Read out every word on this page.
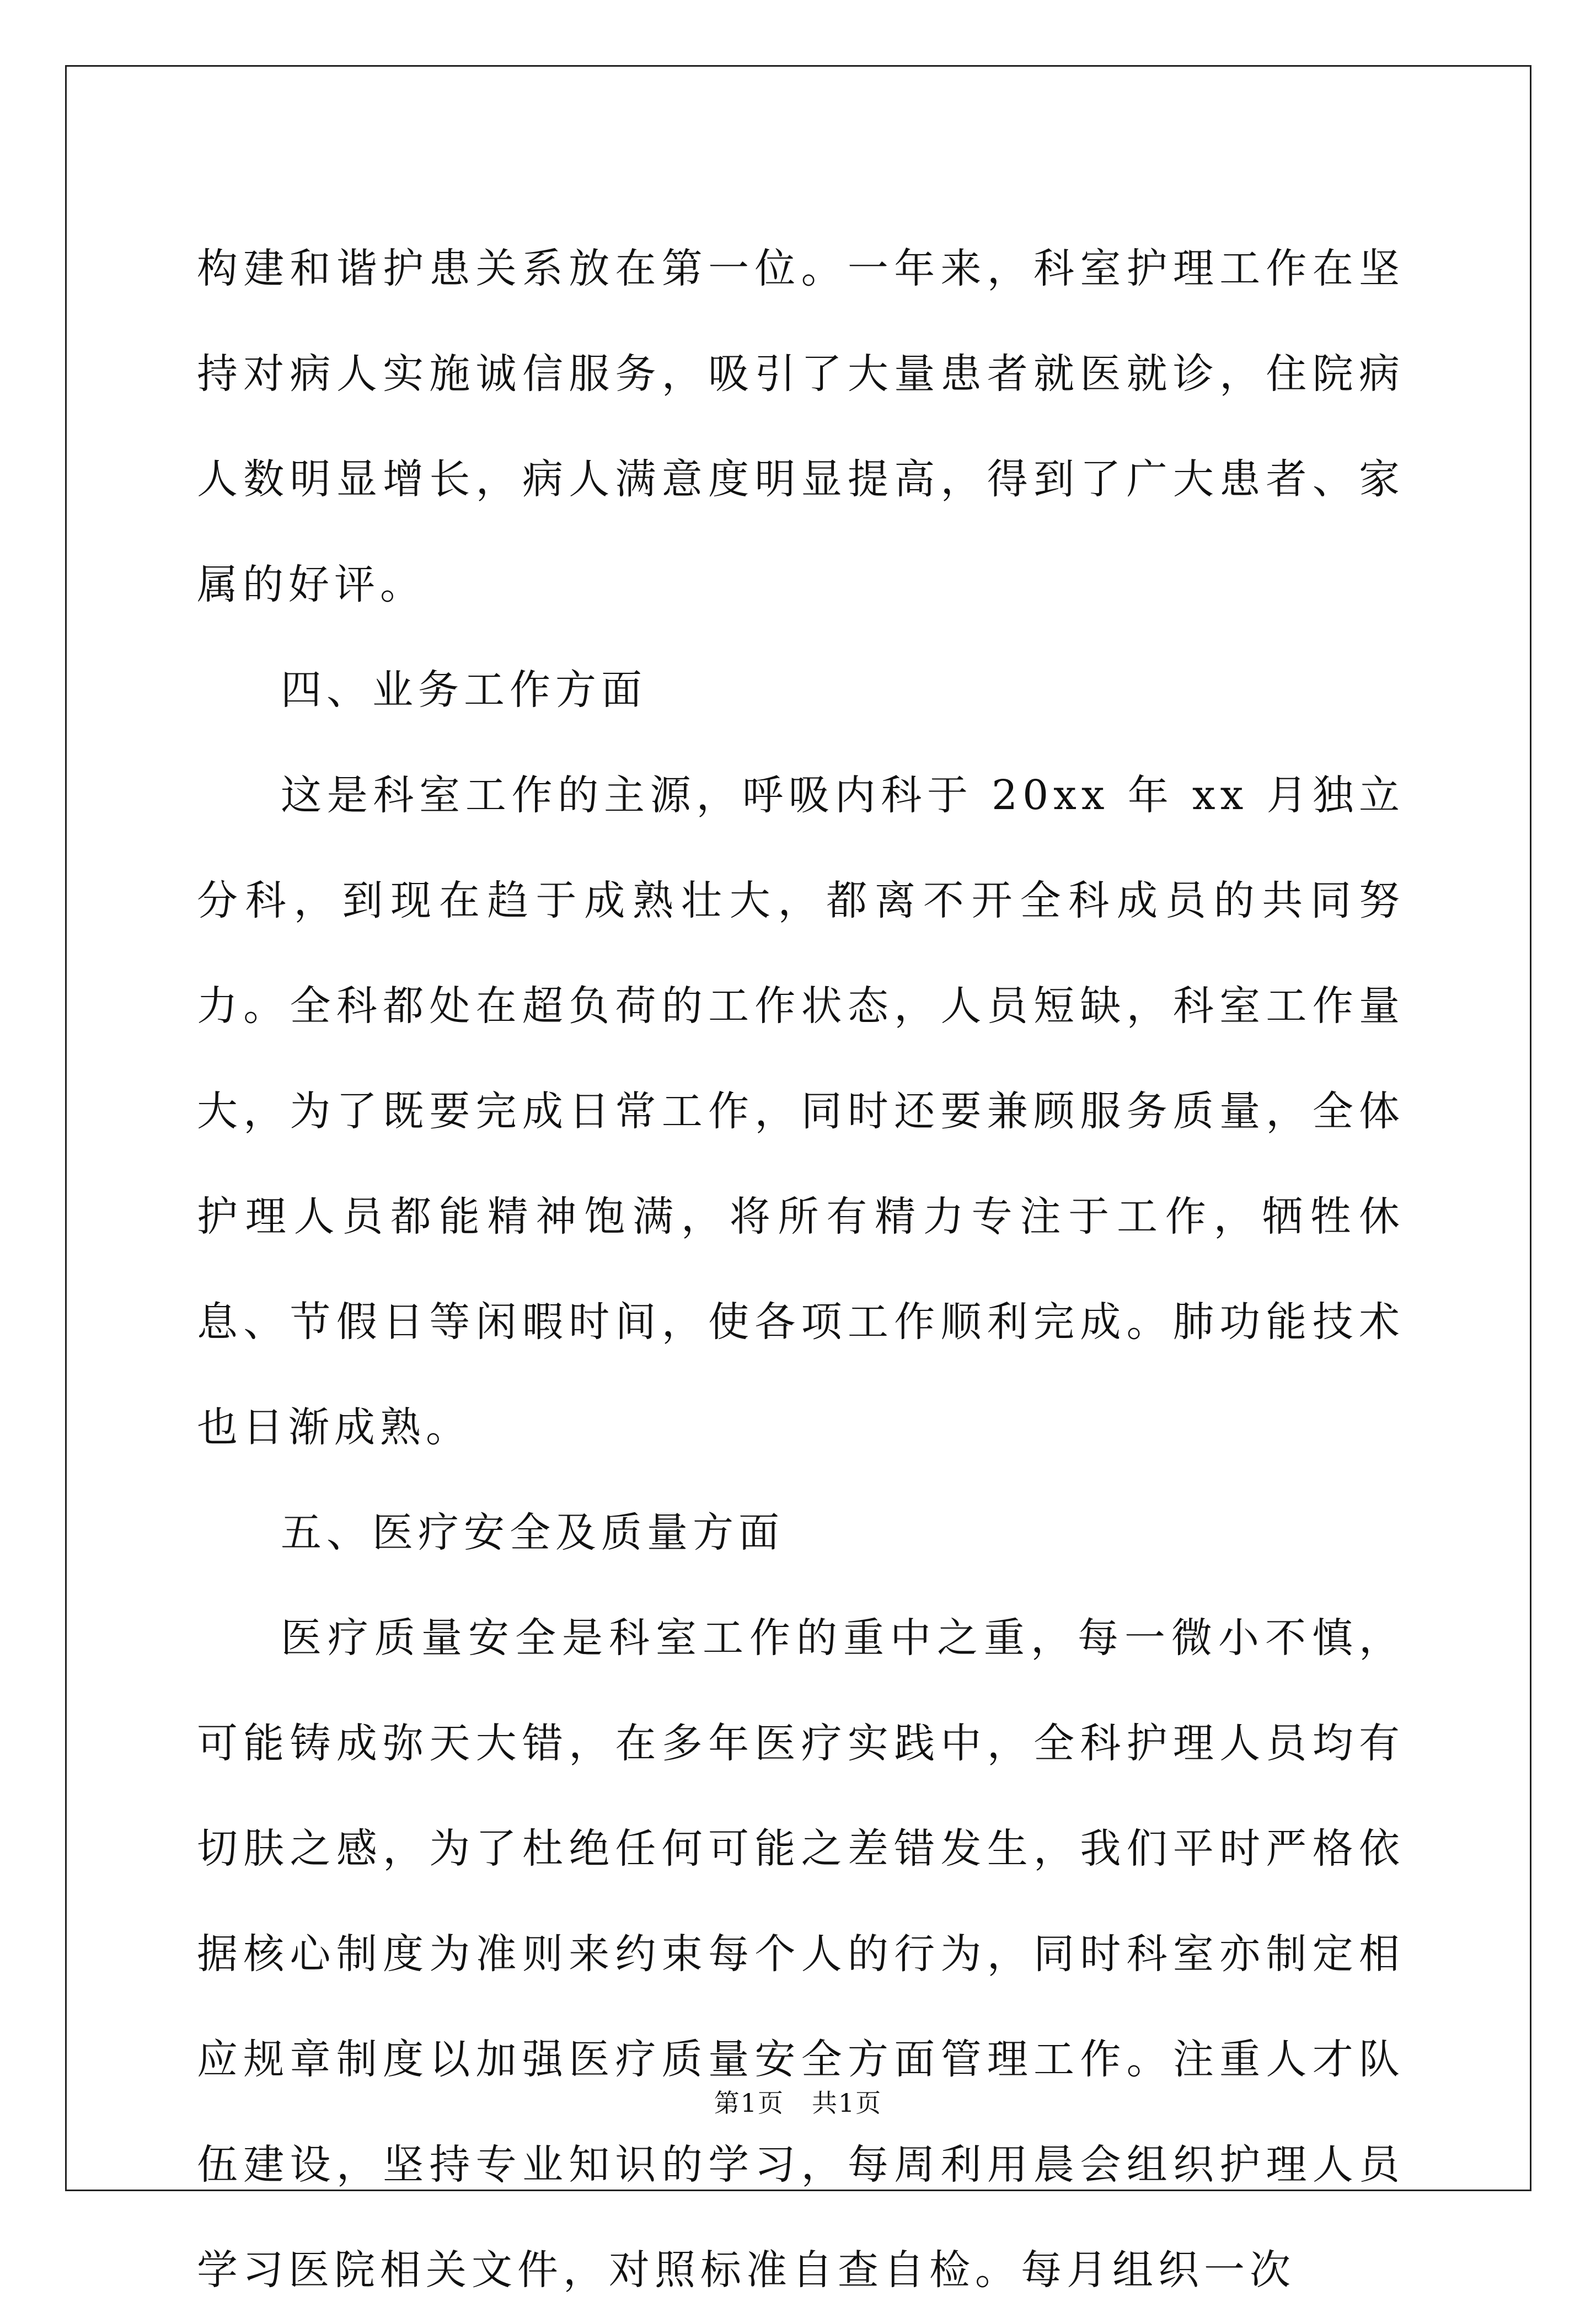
构建和谐护患关系放在第一位。一年来，科室护理工作在坚持对病人实施诚信服务，吸引了大量患者就医就诊，住院病人数明显增长，病人满意度明显提高，得到了广大患者、家属的好评。

四、业务工作方面

这是科室工作的主源，呼吸内科于 20xx 年 xx 月独立分科，到现在趋于成熟壮大，都离不开全科成员的共同努力。全科都处在超负荷的工作状态，人员短缺，科室工作量大，为了既要完成日常工作，同时还要兼顾服务质量，全体护理人员都能精神饱满，将所有精力专注于工作，牺牲休息、节假日等闲暇时间，使各项工作顺利完成。肺功能技术也日渐成熟。

五、医疗安全及质量方面

医疗质量安全是科室工作的重中之重，每一微小不慎，可能铸成弥天大错，在多年医疗实践中，全科护理人员均有切肤之感，为了杜绝任何可能之差错发生，我们平时严格依据核心制度为准则来约束每个人的行为，同时科室亦制定相应规章制度以加强医疗质量安全方面管理工作。注重人才队伍建设，坚持专业知识的学习，每周利用晨会组织护理人员学习医院相关文件，对照标准自查自检。每月组织一次

第1页 共1页
